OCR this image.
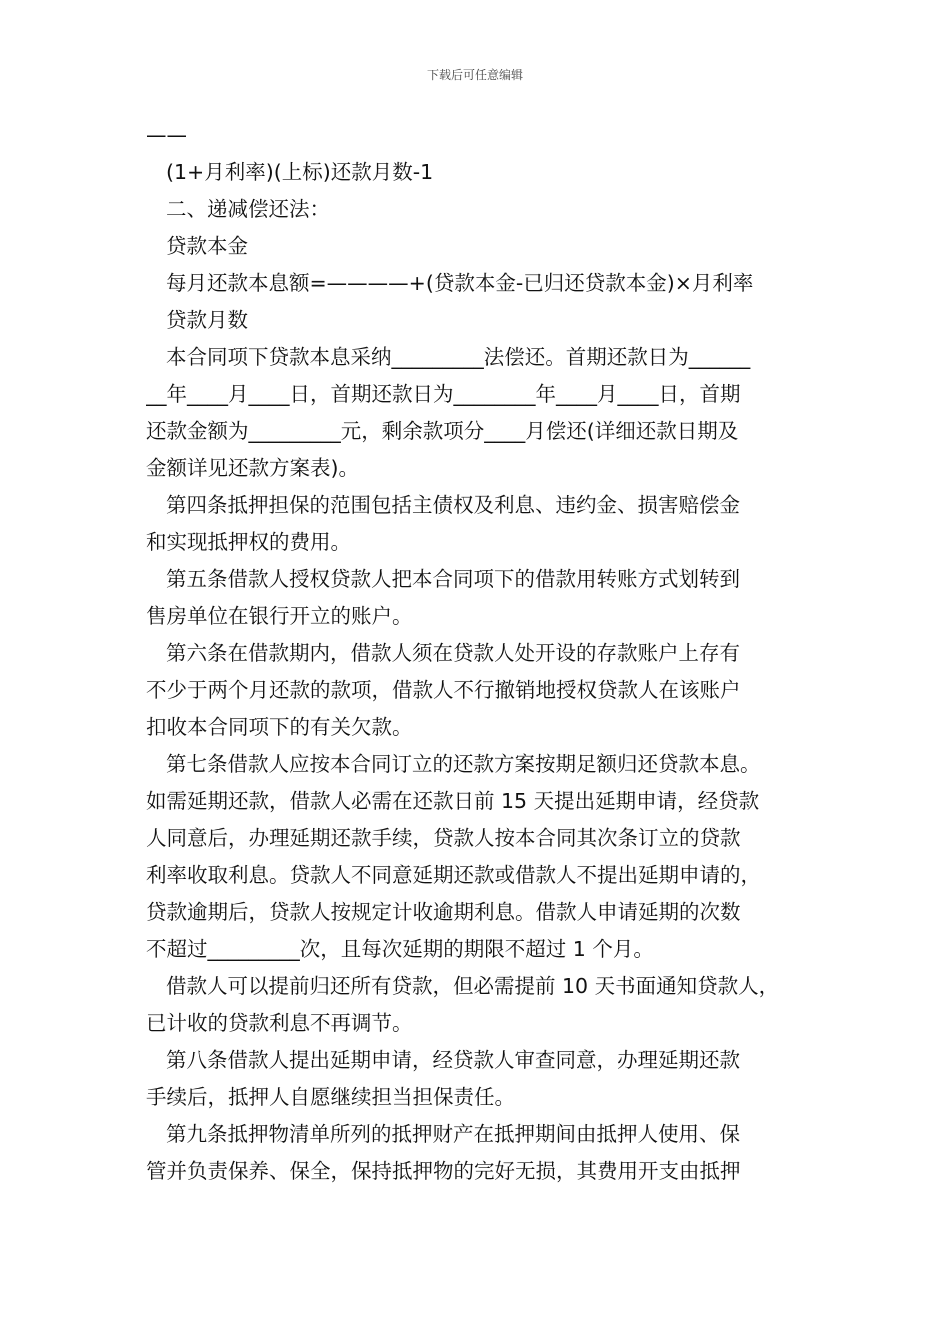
下载后可任意编辑
——
(1+月利率)(上标)还款月数-1
二、递减偿还法：
贷款本金
每月还款本息额=————+(贷款本金-已归还贷款本金)×月利率
贷款月数
本合同项下贷款本息采纳_________法偿还。首期还款日为______
__年____月____日，首期还款日为________年____月____日，首期
还款金额为_________元，剩余款项分____月偿还(详细还款日期及
金额详见还款方案表)。
第四条抵押担保的范围包括主债权及利息、违约金、损害赔偿金
和实现抵押权的费用。
第五条借款人授权贷款人把本合同项下的借款用转账方式划转到
售房单位在银行开立的账户。
第六条在借款期内，借款人须在贷款人处开设的存款账户上存有
不少于两个月还款的款项，借款人不行撤销地授权贷款人在该账户
扣收本合同项下的有关欠款。
第七条借款人应按本合同订立的还款方案按期足额归还贷款本息。
如需延期还款，借款人必需在还款日前 15 天提出延期申请，经贷款
人同意后，办理延期还款手续，贷款人按本合同其次条订立的贷款
利率收取利息。贷款人不同意延期还款或借款人不提出延期申请的，
贷款逾期后，贷款人按规定计收逾期利息。借款人申请延期的次数
不超过_________次，且每次延期的期限不超过 1 个月。
借款人可以提前归还所有贷款，但必需提前 10 天书面通知贷款人，
已计收的贷款利息不再调节。
第八条借款人提出延期申请，经贷款人审查同意，办理延期还款
手续后，抵押人自愿继续担当担保责任。
第九条抵押物清单所列的抵押财产在抵押期间由抵押人使用、保
管并负责保养、保全，保持抵押物的完好无损，其费用开支由抵押
